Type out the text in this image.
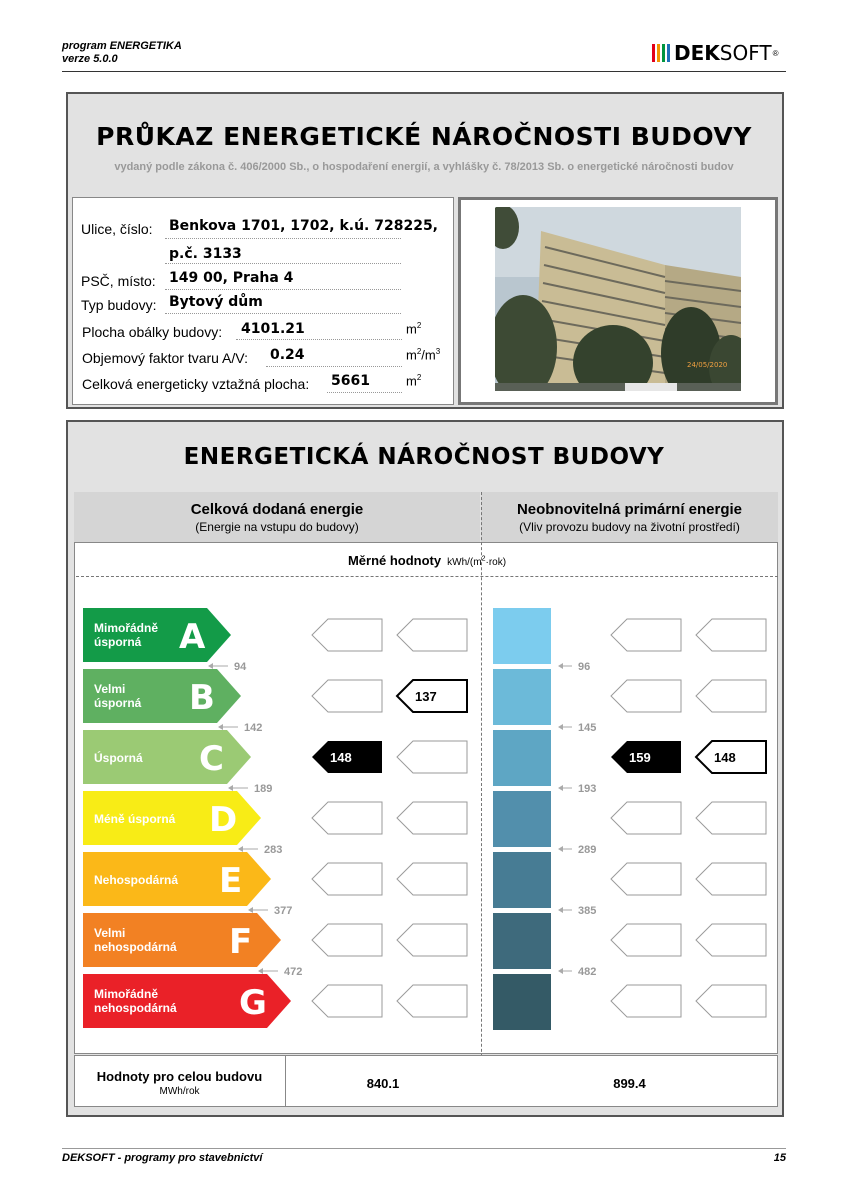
program ENERGETIKA
verze 5.0.0	DEKSOFT ®
PRŮKAZ ENERGETICKÉ NÁROČNOSTI BUDOVY
vydaný podle zákona č. 406/2000 Sb., o hospodaření energií, a vyhlášky č. 78/2013 Sb. o energetické náročnosti budov
Ulice, číslo: Benkova 1701, 1702, k.ú. 728225,
p.č. 3133
PSČ, místo: 149 00, Praha 4
Typ budovy: Bytový dům
Plocha obálky budovy: 4101.21	$m^2$
Objemový faktor tvaru A/V: 0.24	$m^2/m^3$
Celková energeticky vztažná plocha: 5661	$m^2$
24/05/2020
ENERGETICKÁ NÁROČNOST BUDOVY
Celková dodaná energie
(Energie na vstupu do budovy)
Neobnovitelná primární energie
(Vliv provozu budovy na životní prostředí)
Měrné hodnoty kWh/$(m^2\cdot rok)$
Mimořádně
úsporná A
Velmi
úsporná B
Úsporná C
Méně úsporná D
Nehospodárná E
Velmi
nehospodárná F
Mimořádně
nehospodárná G
94
142
189
283
377
472
96
145
193
289
385
482
148
137
159	148
Hodnoty pro celou budovu
MWh/rok
840.1	899.4
DEKSOFT - programy pro stavebnictví	15
